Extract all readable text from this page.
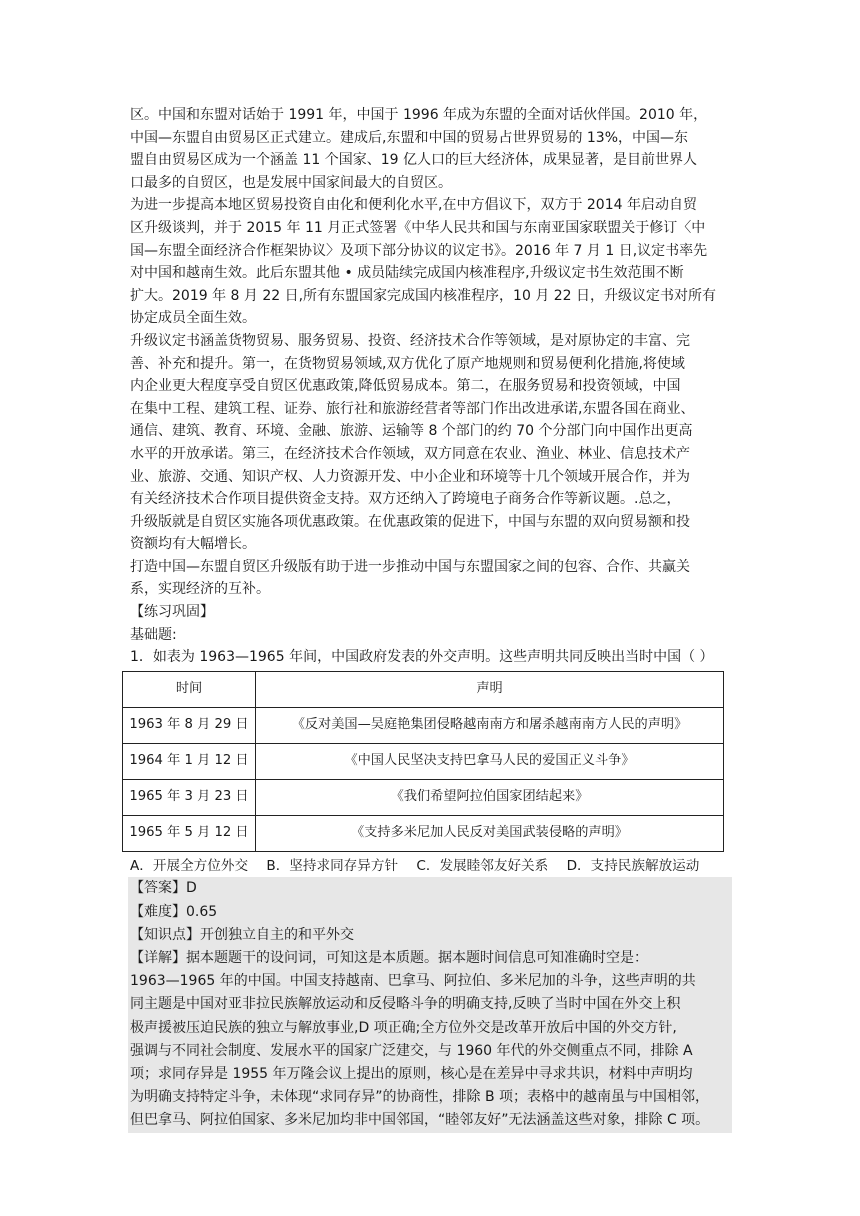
区。中国和东盟对话始于 1991 年，中国于 1996 年成为东盟的全面对话伙伴国。2010 年，
中国—东盟自由贸易区正式建立。建成后,东盟和中国的贸易占世界贸易的 13%，中国—东
盟自由贸易区成为一个涵盖 11 个国家、19 亿人口的巨大经济体，成果显著，是目前世界人
口最多的自贸区，也是发展中国家间最大的自贸区。
为进一步提高本地区贸易投资自由化和便利化水平,在中方倡议下，双方于 2014 年启动自贸
区升级谈判，并于 2015 年 11 月正式签署《中华人民共和国与东南亚国家联盟关于修订〈中
国—东盟全面经济合作框架协议〉及项下部分协议的议定书》。2016 年 7 月 1 日,议定书率先
对中国和越南生效。此后东盟其他 • 成员陆续完成国内核准程序,升级议定书生效范围不断
扩大。2019 年 8 月 22 日,所有东盟国家完成国内核准程序，10 月 22 日，升级议定书对所有
协定成员全面生效。
升级议定书涵盖货物贸易、服务贸易、投资、经济技术合作等领域，是对原协定的丰富、完
善、补充和提升。第一，在货物贸易领域,双方优化了原产地规则和贸易便利化措施,将使域
内企业更大程度享受自贸区优惠政策,降低贸易成本。第二，在服务贸易和投资领域，中国
在集中工程、建筑工程、证券、旅行社和旅游经营者等部门作出改进承诺,东盟各国在商业、
通信、建筑、教育、环境、金融、旅游、运输等 8 个部门的约 70 个分部门向中国作出更高
水平的开放承诺。第三，在经济技术合作领域，双方同意在农业、渔业、林业、信息技术产
业、旅游、交通、知识产权、人力资源开发、中小企业和环境等十几个领域开展合作，并为
有关经济技术合作项目提供资金支持。双方还纳入了跨境电子商务合作等新议题。.总之，
升级版就是自贸区实施各项优惠政策。在优惠政策的促进下，中国与东盟的双向贸易额和投
资额均有大幅增长。
打造中国—东盟自贸区升级版有助于进一步推动中国与东盟国家之间的包容、合作、共赢关
系，实现经济的互补。
【练习巩固】
基础题:
1．如表为 1963—1965 年间，中国政府发表的外交声明。这些声明共同反映出当时中国（ ）
时间	声明
1963 年 8 月 29 日	《反对美国—吴庭艳集团侵略越南南方和屠杀越南南方人民的声明》
1964 年 1 月 12 日	《中国人民坚决支持巴拿马人民的爱国正义斗争》
1965 年 3 月 23 日	《我们希望阿拉伯国家团结起来》
1965 年 5 月 12 日	《支持多米尼加人民反对美国武装侵略的声明》
A．开展全方位外交 B．坚持求同存异方针 C．发展睦邻友好关系 D．支持民族解放运动
【答案】D
【难度】0.65
【知识点】开创独立自主的和平外交
【详解】据本题题干的设问词，可知这是本质题。据本题时间信息可知准确时空是：
1963—1965 年的中国。中国支持越南、巴拿马、阿拉伯、多米尼加的斗争，这些声明的共
同主题是中国对亚非拉民族解放运动和反侵略斗争的明确支持,反映了当时中国在外交上积
极声援被压迫民族的独立与解放事业,D 项正确;全方位外交是改革开放后中国的外交方针,
强调与不同社会制度、发展水平的国家广泛建交，与 1960 年代的外交侧重点不同，排除 A
项；求同存异是 1955 年万隆会议上提出的原则，核心是在差异中寻求共识，材料中声明均
为明确支持特定斗争，未体现“求同存异”的协商性，排除 B 项；表格中的越南虽与中国相邻，
但巴拿马、阿拉伯国家、多米尼加均非中国邻国，“睦邻友好”无法涵盖这些对象，排除 C 项。
